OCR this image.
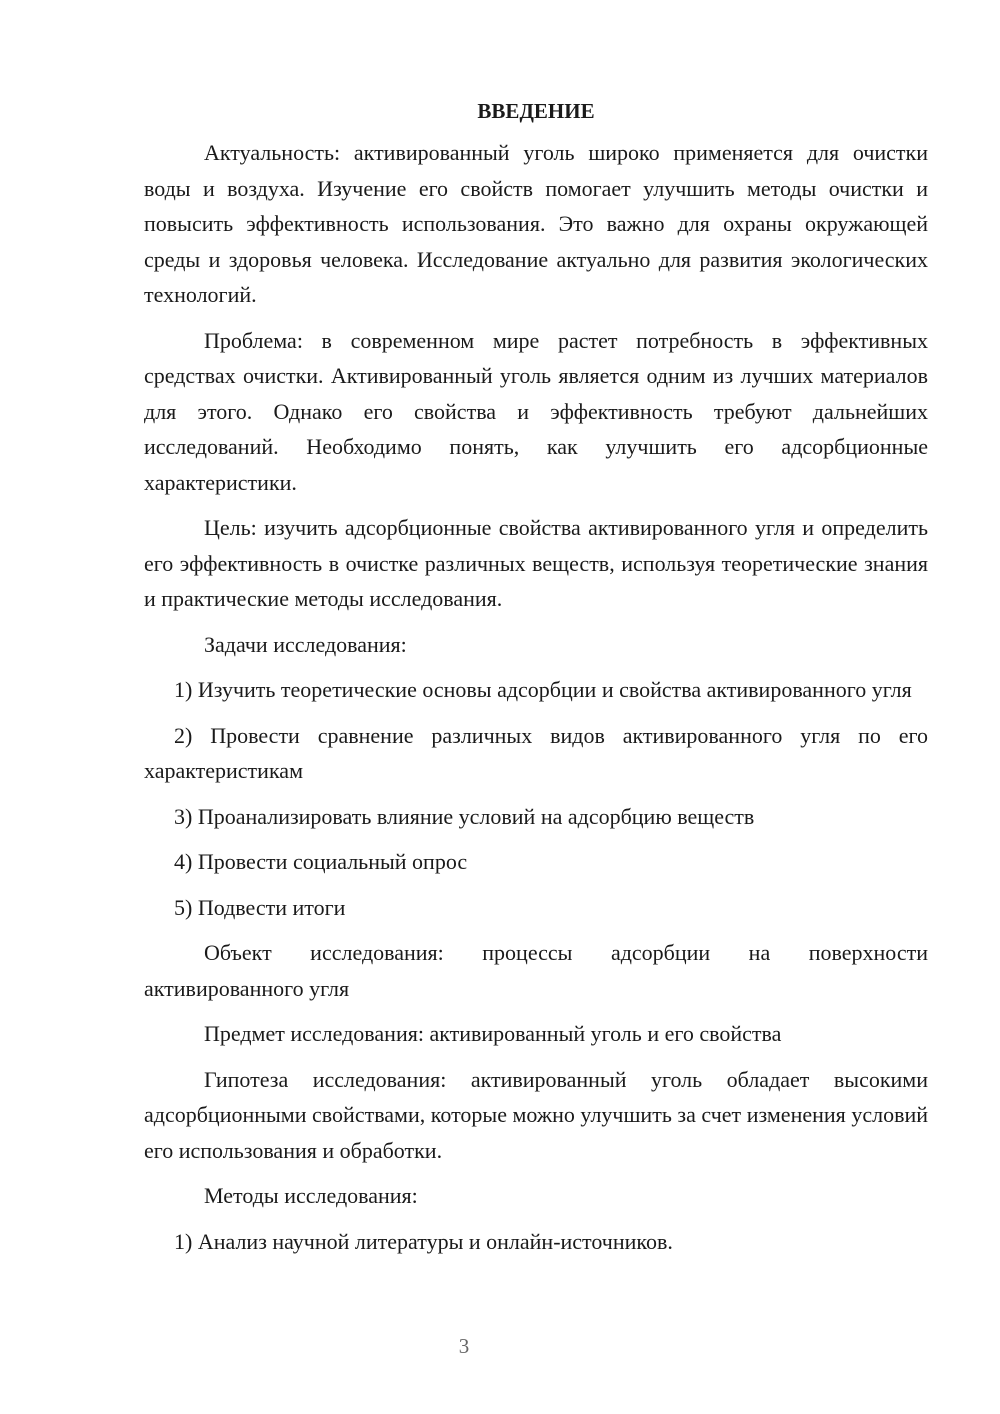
ВВЕДЕНИЕ

Актуальность: активированный уголь широко применяется для очистки воды и воздуха. Изучение его свойств помогает улучшить методы очистки и повысить эффективность использования. Это важно для охраны окружающей среды и здоровья человека. Исследование актуально для развития экологических технологий.

Проблема: в современном мире растет потребность в эффективных средствах очистки. Активированный уголь является одним из лучших материалов для этого. Однако его свойства и эффективность требуют дальнейших исследований. Необходимо понять, как улучшить его адсорбционные характеристики.

Цель: изучить адсорбционные свойства активированного угля и определить его эффективность в очистке различных веществ, используя теоретические знания и практические методы исследования.

Задачи исследования:

1) Изучить теоретические основы адсорбции и свойства активированного угля

2) Провести сравнение различных видов активированного угля по его характеристикам

3) Проанализировать влияние условий на адсорбцию веществ

4) Провести социальный опрос

5) Подвести итоги

Объект исследования: процессы адсорбции на поверхности активированного угля

Предмет исследования: активированный уголь и его свойства

Гипотеза исследования: активированный уголь обладает высокими адсорбционными свойствами, которые можно улучшить за счет изменения условий его использования и обработки.

Методы исследования:

1) Анализ научной литературы и онлайн-источников.

3
